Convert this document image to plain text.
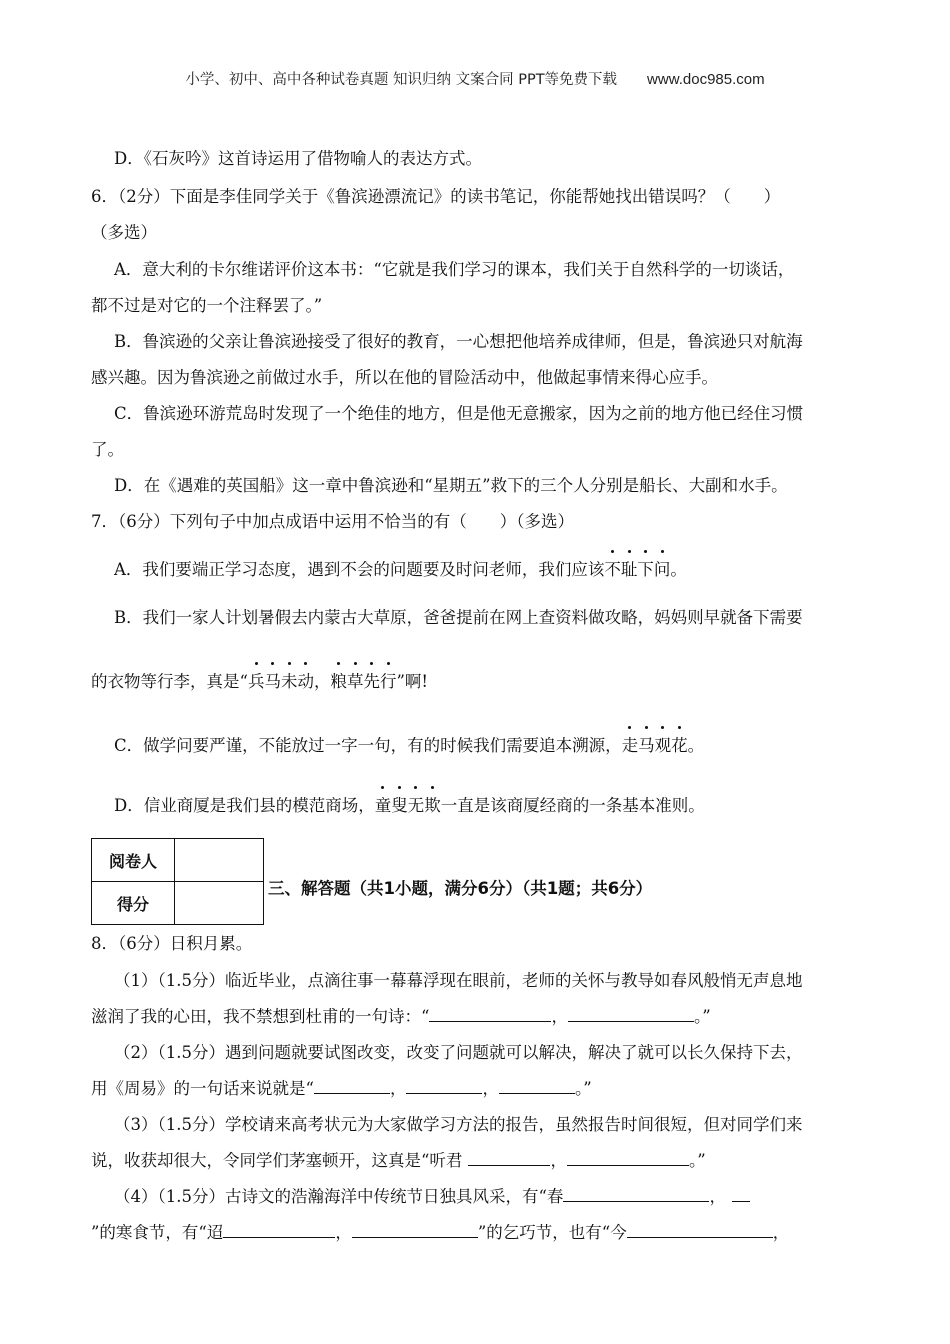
小学、初中、高中各种试卷真题 知识归纳 文案合同 PPT等免费下载 www.doc985.com
D．《石灰吟》这首诗运用了借物喻人的表达方式。
6．（2分）下面是李佳同学关于《鲁滨逊漂流记》的读书笔记，你能帮她找出错误吗？（　　）
（多选）
A．意大利的卡尔维诺评价这本书：“它就是我们学习的课本，我们关于自然科学的一切谈话，
都不过是对它的一个注释罢了。”
B．鲁滨逊的父亲让鲁滨逊接受了很好的教育，一心想把他培养成律师，但是，鲁滨逊只对航海
感兴趣。因为鲁滨逊之前做过水手，所以在他的冒险活动中，他做起事情来得心应手。
C．鲁滨逊环游荒岛时发现了一个绝佳的地方，但是他无意搬家，因为之前的地方他已经住习惯
了。
D．在《遇难的英国船》这一章中鲁滨逊和“星期五”救下的三个人分别是船长、大副和水手。
7．（6分）下列句子中加点成语中运用不恰当的有（　　）（多选）
A．我们要端正学习态度，遇到不会的问题要及时问老师，我们应该不耻下问。
B．我们一家人计划暑假去内蒙古大草原，爸爸提前在网上查资料做攻略，妈妈则早就备下需要
的衣物等行李，真是“兵马未动，粮草先行”啊!
C．做学问要严谨，不能放过一字一句，有的时候我们需要追本溯源，走马观花。
D．信业商厦是我们县的模范商场，童叟无欺一直是该商厦经商的一条基本准则。
阅卷人	
得分	
三、解答题（共1小题，满分6分）（共1题；共6分）
8．（6分）日积月累。
（1）（1.5分）临近毕业，点滴往事一幕幕浮现在眼前，老师的关怀与教导如春风般悄无声息地
滋润了我的心田，我不禁想到杜甫的一句诗：“	，	。”
（2）（1.5分）遇到问题就要试图改变，改变了问题就可以解决，解决了就可以长久保持下去，
用《周易》的一句话来说就是“	，	，	。”
（3）（1.5分）学校请来高考状元为大家做学习方法的报告，虽然报告时间很短，但对同学们来
说，收获却很大，令同学们茅塞顿开，这真是“听君	，	。”
（4）（1.5分）古诗文的浩瀚海洋中传统节日独具风采，有“春	，
”的寒食节，有“迢	，	”的乞巧节，也有“今	，
